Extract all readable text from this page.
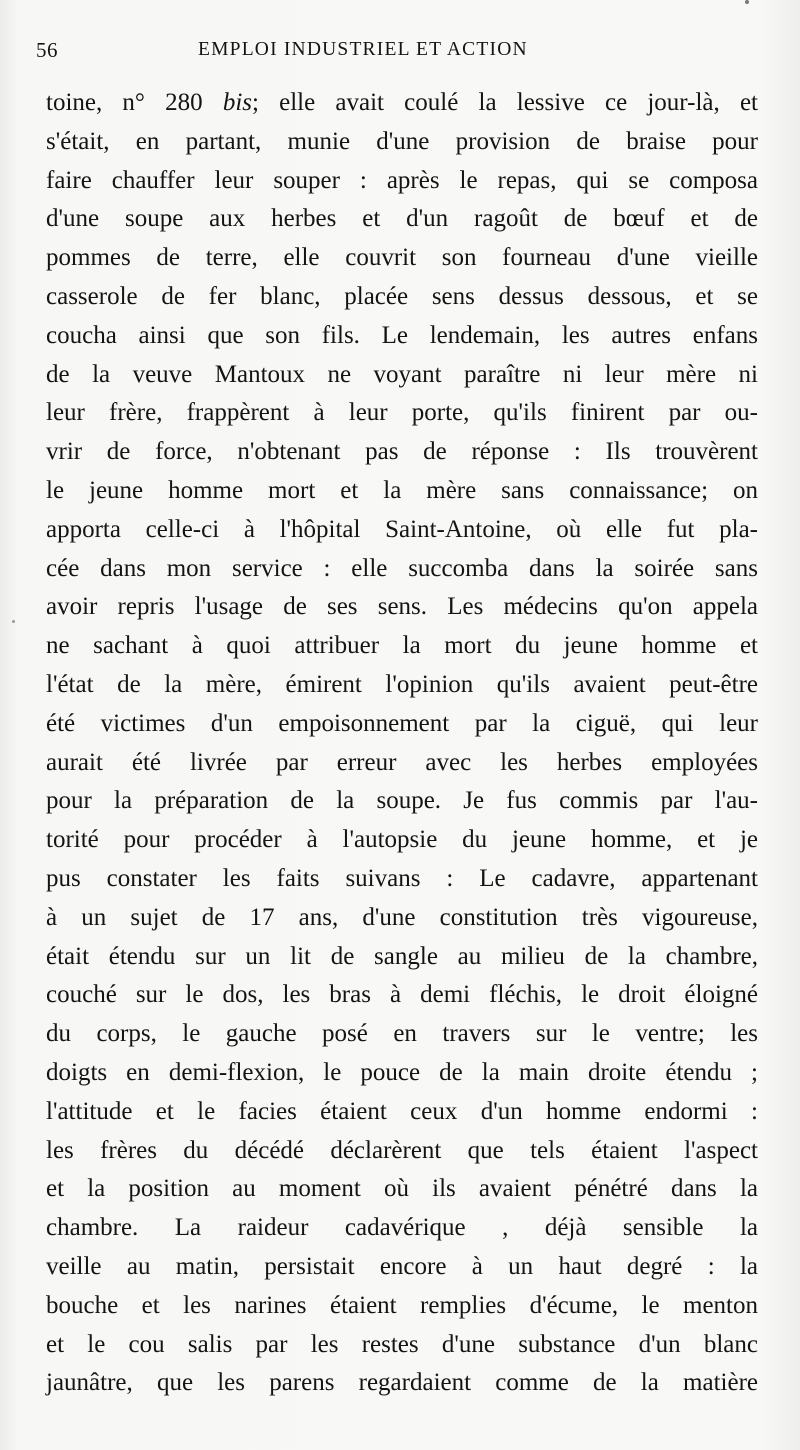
56	EMPLOI INDUSTRIEL ET ACTION
toine, n° 280 bis; elle avait coulé la lessive ce jour-là, et
s'était, en partant, munie d'une provision de braise pour
faire chauffer leur souper : après le repas, qui se composa
d'une soupe aux herbes et d'un ragoût de bœuf et de
pommes de terre, elle couvrit son fourneau d'une vieille
casserole de fer blanc, placée sens dessus dessous, et se
coucha ainsi que son fils. Le lendemain, les autres enfans
de la veuve Mantoux ne voyant paraître ni leur mère ni
leur frère, frappèrent à leur porte, qu'ils finirent par ou-
vrir de force, n'obtenant pas de réponse : Ils trouvèrent
le jeune homme mort et la mère sans connaissance; on
apporta celle-ci à l'hôpital Saint-Antoine, où elle fut pla-
cée dans mon service : elle succomba dans la soirée sans
avoir repris l'usage de ses sens. Les médecins qu'on appela
ne sachant à quoi attribuer la mort du jeune homme et
l'état de la mère, émirent l'opinion qu'ils avaient peut-être
été victimes d'un empoisonnement par la ciguë, qui leur
aurait été livrée par erreur avec les herbes employées
pour la préparation de la soupe. Je fus commis par l'au-
torité pour procéder à l'autopsie du jeune homme, et je
pus constater les faits suivans : Le cadavre, appartenant
à un sujet de 17 ans, d'une constitution très vigoureuse,
était étendu sur un lit de sangle au milieu de la chambre,
couché sur le dos, les bras à demi fléchis, le droit éloigné
du corps, le gauche posé en travers sur le ventre; les
doigts en demi-flexion, le pouce de la main droite étendu ;
l'attitude et le facies étaient ceux d'un homme endormi :
les frères du décédé déclarèrent que tels étaient l'aspect
et la position au moment où ils avaient pénétré dans la
chambre. La raideur cadavérique , déjà sensible la
veille au matin, persistait encore à un haut degré : la
bouche et les narines étaient remplies d'écume, le menton
et le cou salis par les restes d'une substance d'un blanc
jaunâtre, que les parens regardaient comme de la matière
